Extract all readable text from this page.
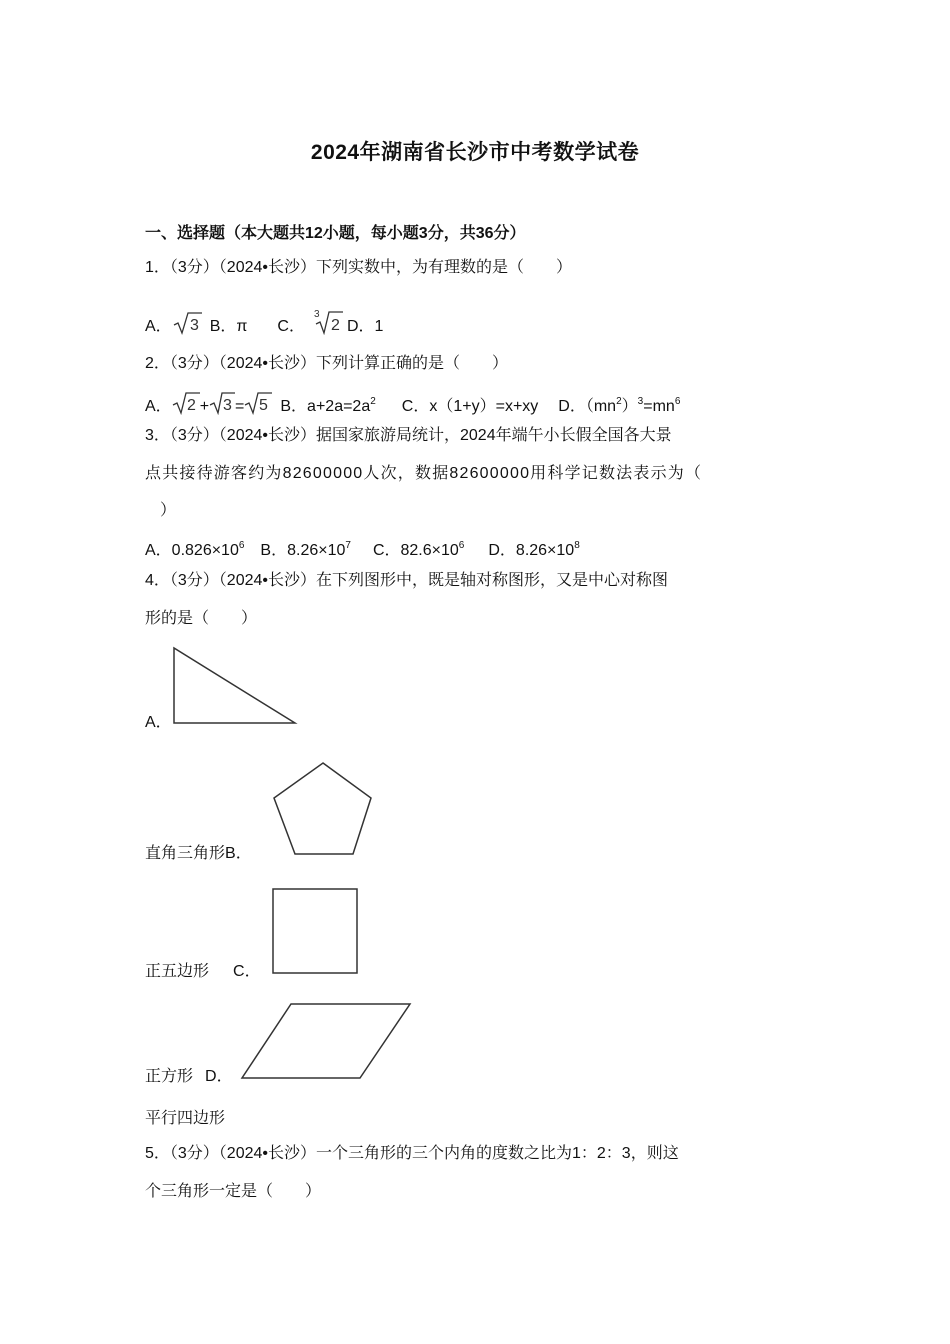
2024年湖南省长沙市中考数学试卷
一、选择题（本大题共12小题，每小题3分，共36分）
1．（3分）（2024•长沙）下列实数中，为有理数的是（　　）
A． 3 B．π C．
3
2 D．1
2．（3分）（2024•长沙）下列计算正确的是（　　）
A． 2 + 3 = 5 B．$a+2a=2a^2$ C．x（1+y）=x+xy D．$(mn^2)^3=mn^6$
3．（3分）（2024•长沙）据国家旅游局统计，2024年端午小长假全国各大景
点共接待游客约为82600000人次，数据82600000用科学记数法表示为（
）
A．$0.826\times 10^6$ B．$8.26\times 10^7$ C．$82.6\times 10^6$ D．$8.26\times 10^8$
4．（3分）（2024•长沙）在下列图形中，既是轴对称图形，又是中心对称图
形的是（　　）
A．
直角三角形B．
正五边形 C．
正方形 D．
平行四边形
5．（3分）（2024•长沙）一个三角形的三个内角的度数之比为1：2：3，则这
个三角形一定是（　　）
